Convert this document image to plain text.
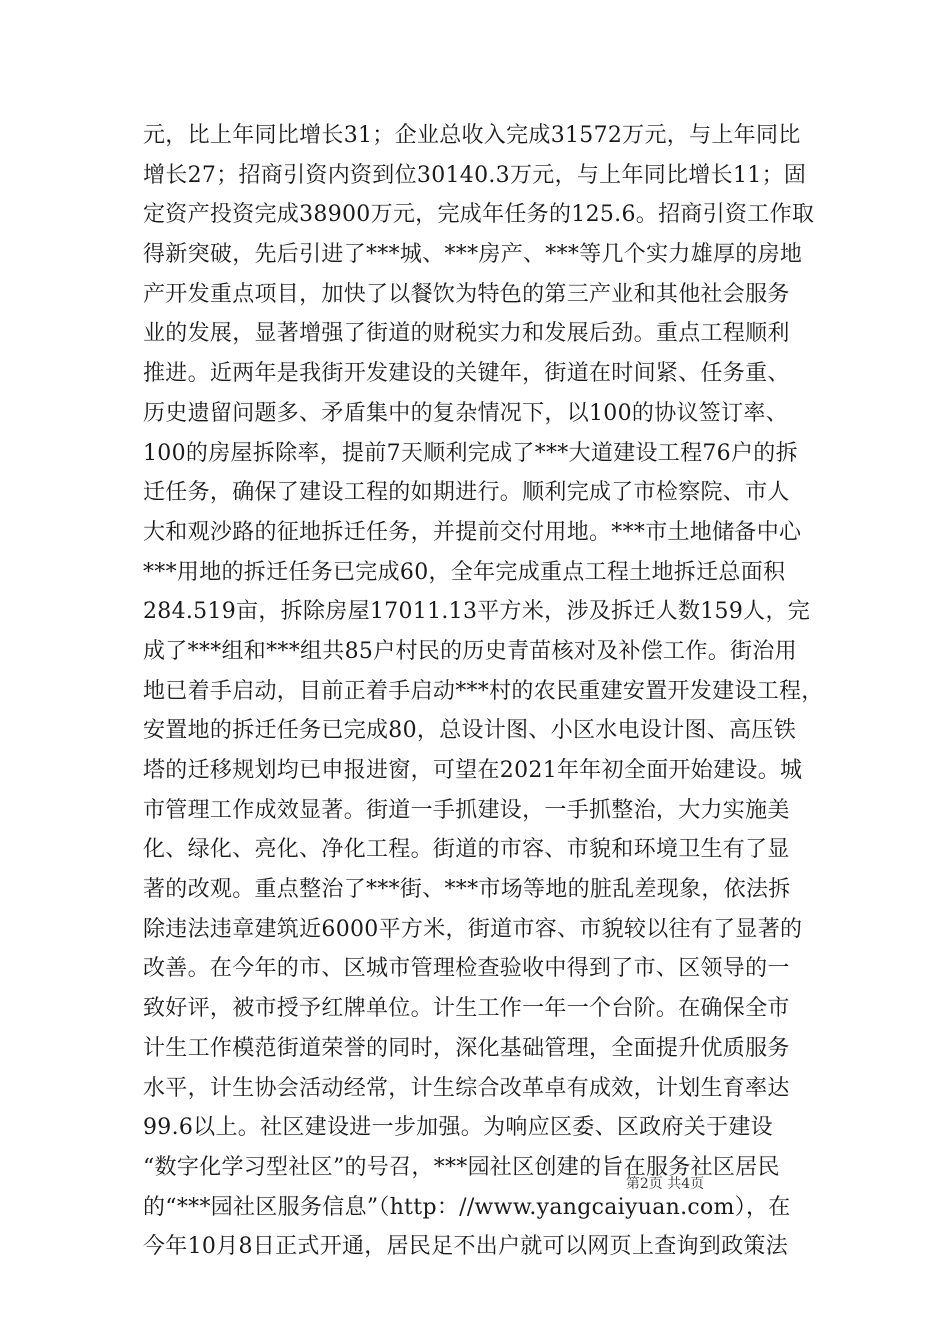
元，比上年同比增长31；企业总收入完成31572万元，与上年同比
增长27；招商引资内资到位30140.3万元，与上年同比增长11；固
定资产投资完成38900万元，完成年任务的125.6。招商引资工作取
得新突破，先后引进了***城、***房产、***等几个实力雄厚的房地
产开发重点项目，加快了以餐饮为特色的第三产业和其他社会服务
业的发展，显著增强了街道的财税实力和发展后劲。重点工程顺利
推进。近两年是我街开发建设的关键年，街道在时间紧、任务重、
历史遗留问题多、矛盾集中的复杂情况下，以100的协议签订率、
100的房屋拆除率，提前7天顺利完成了***大道建设工程76户的拆
迁任务，确保了建设工程的如期进行。顺利完成了市检察院、市人
大和观沙路的征地拆迁任务，并提前交付用地。***市土地储备中心
***用地的拆迁任务已完成60，全年完成重点工程土地拆迁总面积
284.519亩，拆除房屋17011.13平方米，涉及拆迁人数159人，完
成了***组和***组共85户村民的历史青苗核对及补偿工作。街治用
地已着手启动，目前正着手启动***村的农民重建安置开发建设工程，
安置地的拆迁任务已完成80，总设计图、小区水电设计图、高压铁
塔的迁移规划均已申报进窗，可望在2021年年初全面开始建设。城
市管理工作成效显著。街道一手抓建设，一手抓整治，大力实施美
化、绿化、亮化、净化工程。街道的市容、市貌和环境卫生有了显
著的改观。重点整治了***街、***市场等地的脏乱差现象，依法拆
除违法违章建筑近6000平方米，街道市容、市貌较以往有了显著的
改善。在今年的市、区城市管理检查验收中得到了市、区领导的一
致好评，被市授予红牌单位。计生工作一年一个台阶。在确保全市
计生工作模范街道荣誉的同时，深化基础管理，全面提升优质服务
水平，计生协会活动经常，计生综合改革卓有成效，计划生育率达
99.6以上。社区建设进一步加强。为响应区委、区政府关于建设
“数字化学习型社区”的号召，***园社区创建的旨在服务社区居民
的“***园社区服务信息”（http：//www.yangcaiyuan.com），在
今年10月8日正式开通，居民足不出户就可以网页上查询到政策法
第2页 共4页
